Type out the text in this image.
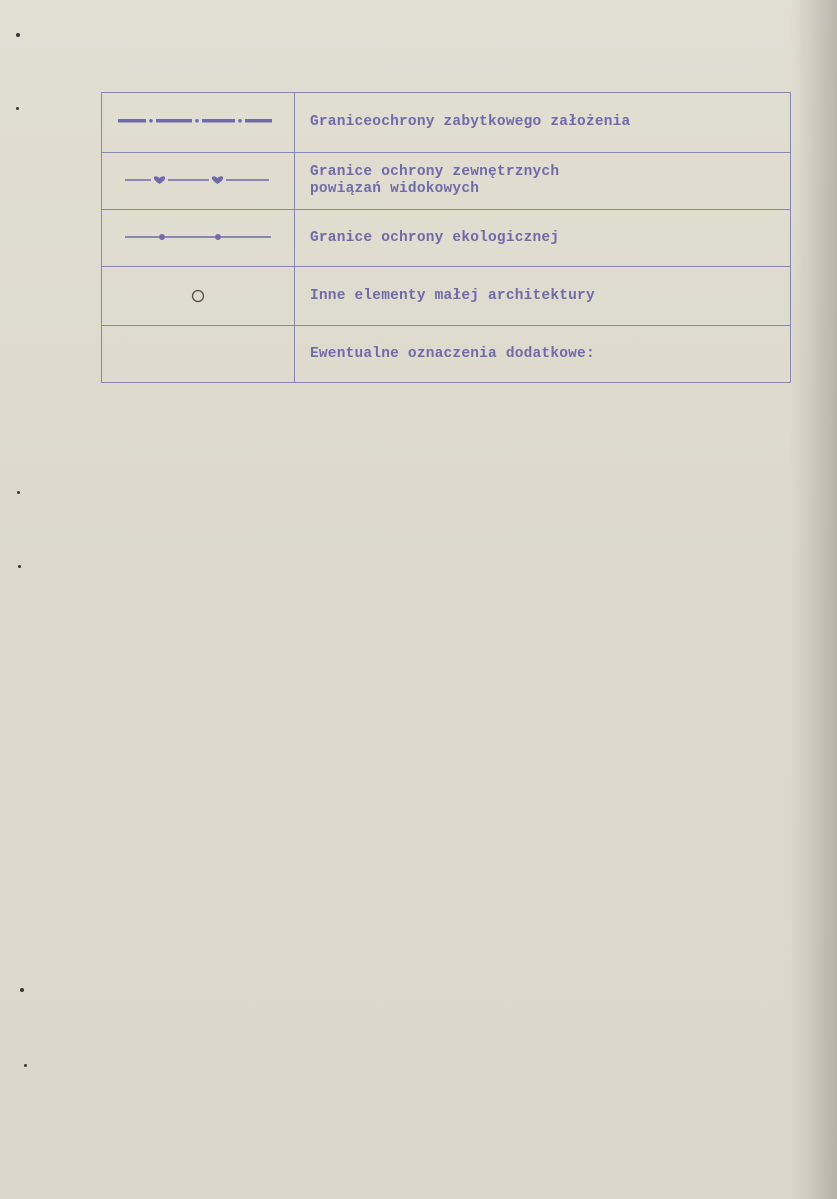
	Graniceochrony zabytkowego założenia

Granice ochrony zewnętrznych
powiązań widokowych

	Granice ochrony ekologicznej
	Inne elementy małej architektury
	Ewentualne oznaczenia dodatkowe:
